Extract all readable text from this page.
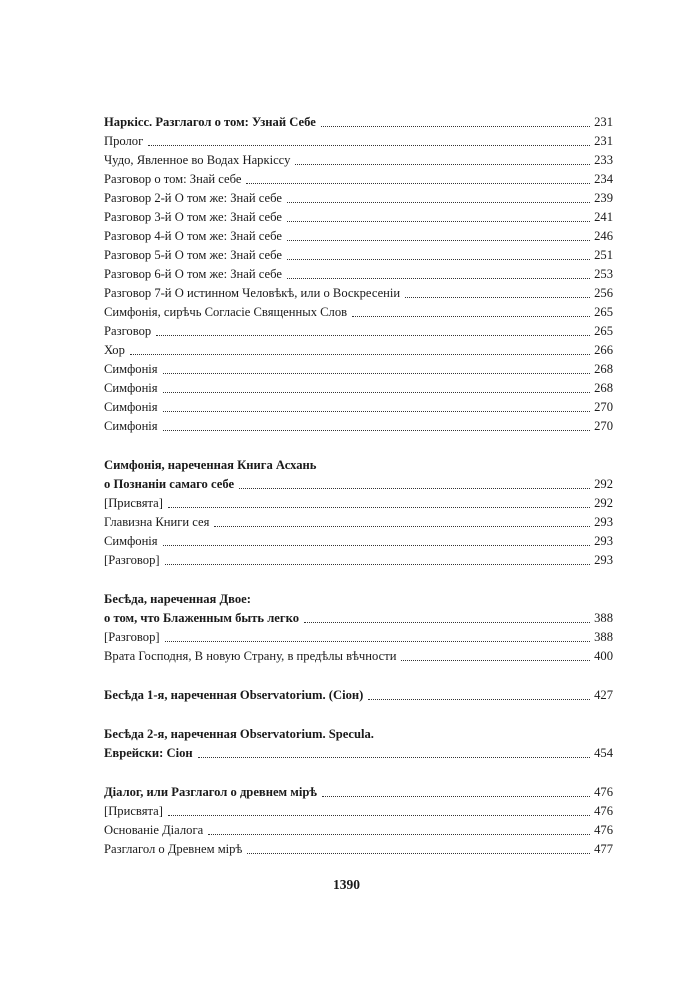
Наркісс. Разглагол о том: Узнай Себе	231
Пролог	231
Чудо, Явленное во Водах Наркіссу	233
Разговор о том: Знай себе	234
Разговор 2-й О том же: Знай себе	239
Разговор 3-й О том же: Знай себе	241
Разговор 4-й О том же: Знай себе	246
Разговор 5-й О том же: Знай себе	251
Разговор 6-й О том же: Знай себе	253
Разговор 7-й О истинном Человѣкѣ, или о Воскресеніи	256
Симфонія, сирѣчь Согласіе Священных Слов	265
Разговор	265
Хор	266
Симфонія	268
Симфонія	268
Симфонія	270
Симфонія	270
Симфонія, нареченная Книга Асхань
о Познаніи самаго себе	292
[Присвята]	292
Главизна Книги сея	293
Симфонія	293
[Разговор]	293
Бесѣда, нареченная Двое:
о том, что Блаженным быть легко	388
[Разговор]	388
Врата Господня, В новую Страну, в предѣлы вѣчности	400
Бесѣда 1-я, нареченная Observatorium. (Сіон)	427
Бесѣда 2-я, нареченная Observatorium. Specula.
Еврейски: Сіон	454
Діалог, или Разглагол о древнем мірѣ	476
[Присвята]	476
Основаніе Діалога	476
Разглагол о Древнем мірѣ	477
1390
